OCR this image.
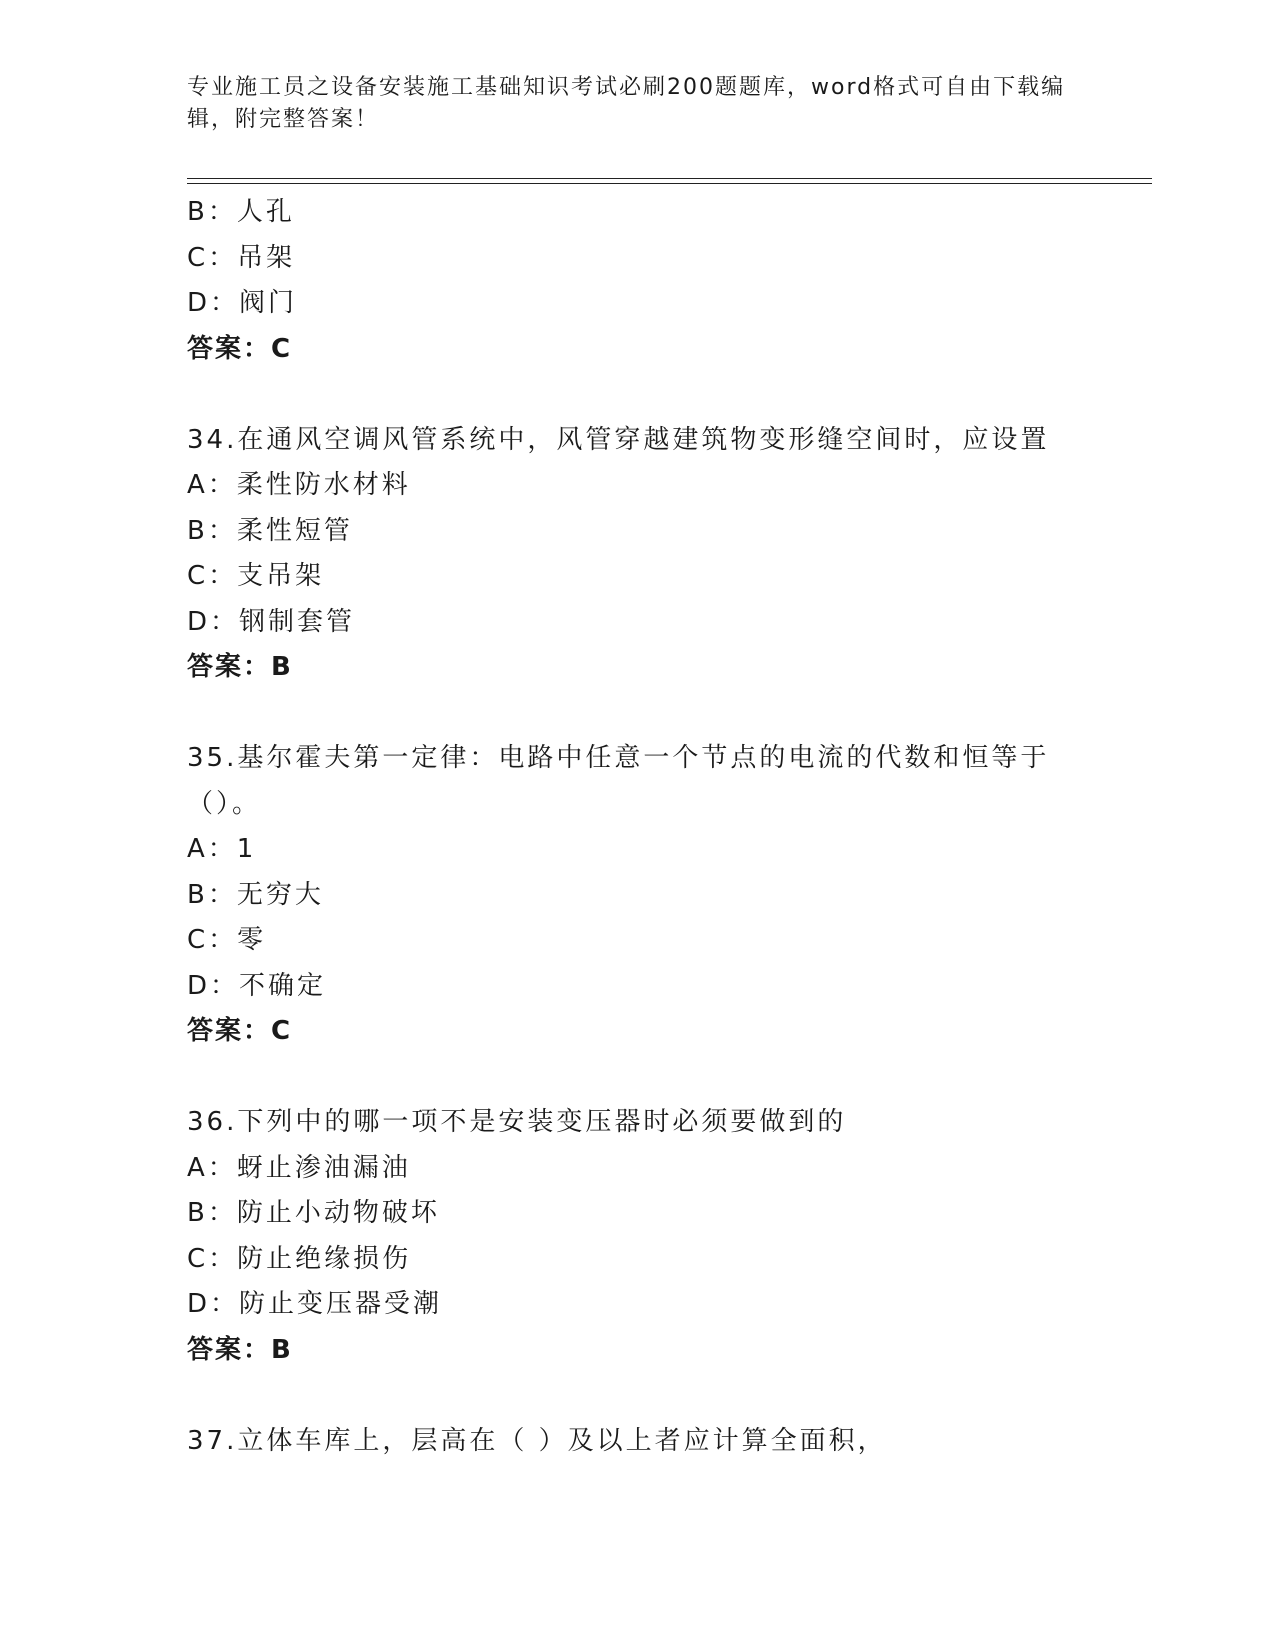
专业施工员之设备安装施工基础知识考试必刷200题题库，word格式可自由下载编辑，附完整答案！
B：人孔
C：吊架
D：阀门
答案：C
34.在通风空调风管系统中，风管穿越建筑物变形缝空间时，应设置
A：柔性防水材料
B：柔性短管
C：支吊架
D：钢制套管
答案：B
35.基尔霍夫第一定律：电路中任意一个节点的电流的代数和恒等于（）。
A：1
B：无穷大
C：零
D：不确定
答案：C
36.下列中的哪一项不是安装变压器时必须要做到的
A：蚜止渗油漏油
B：防止小动物破坏
C：防止绝缘损伤
D：防止变压器受潮
答案：B
37.立体车库上，层高在（ ）及以上者应计算全面积，
